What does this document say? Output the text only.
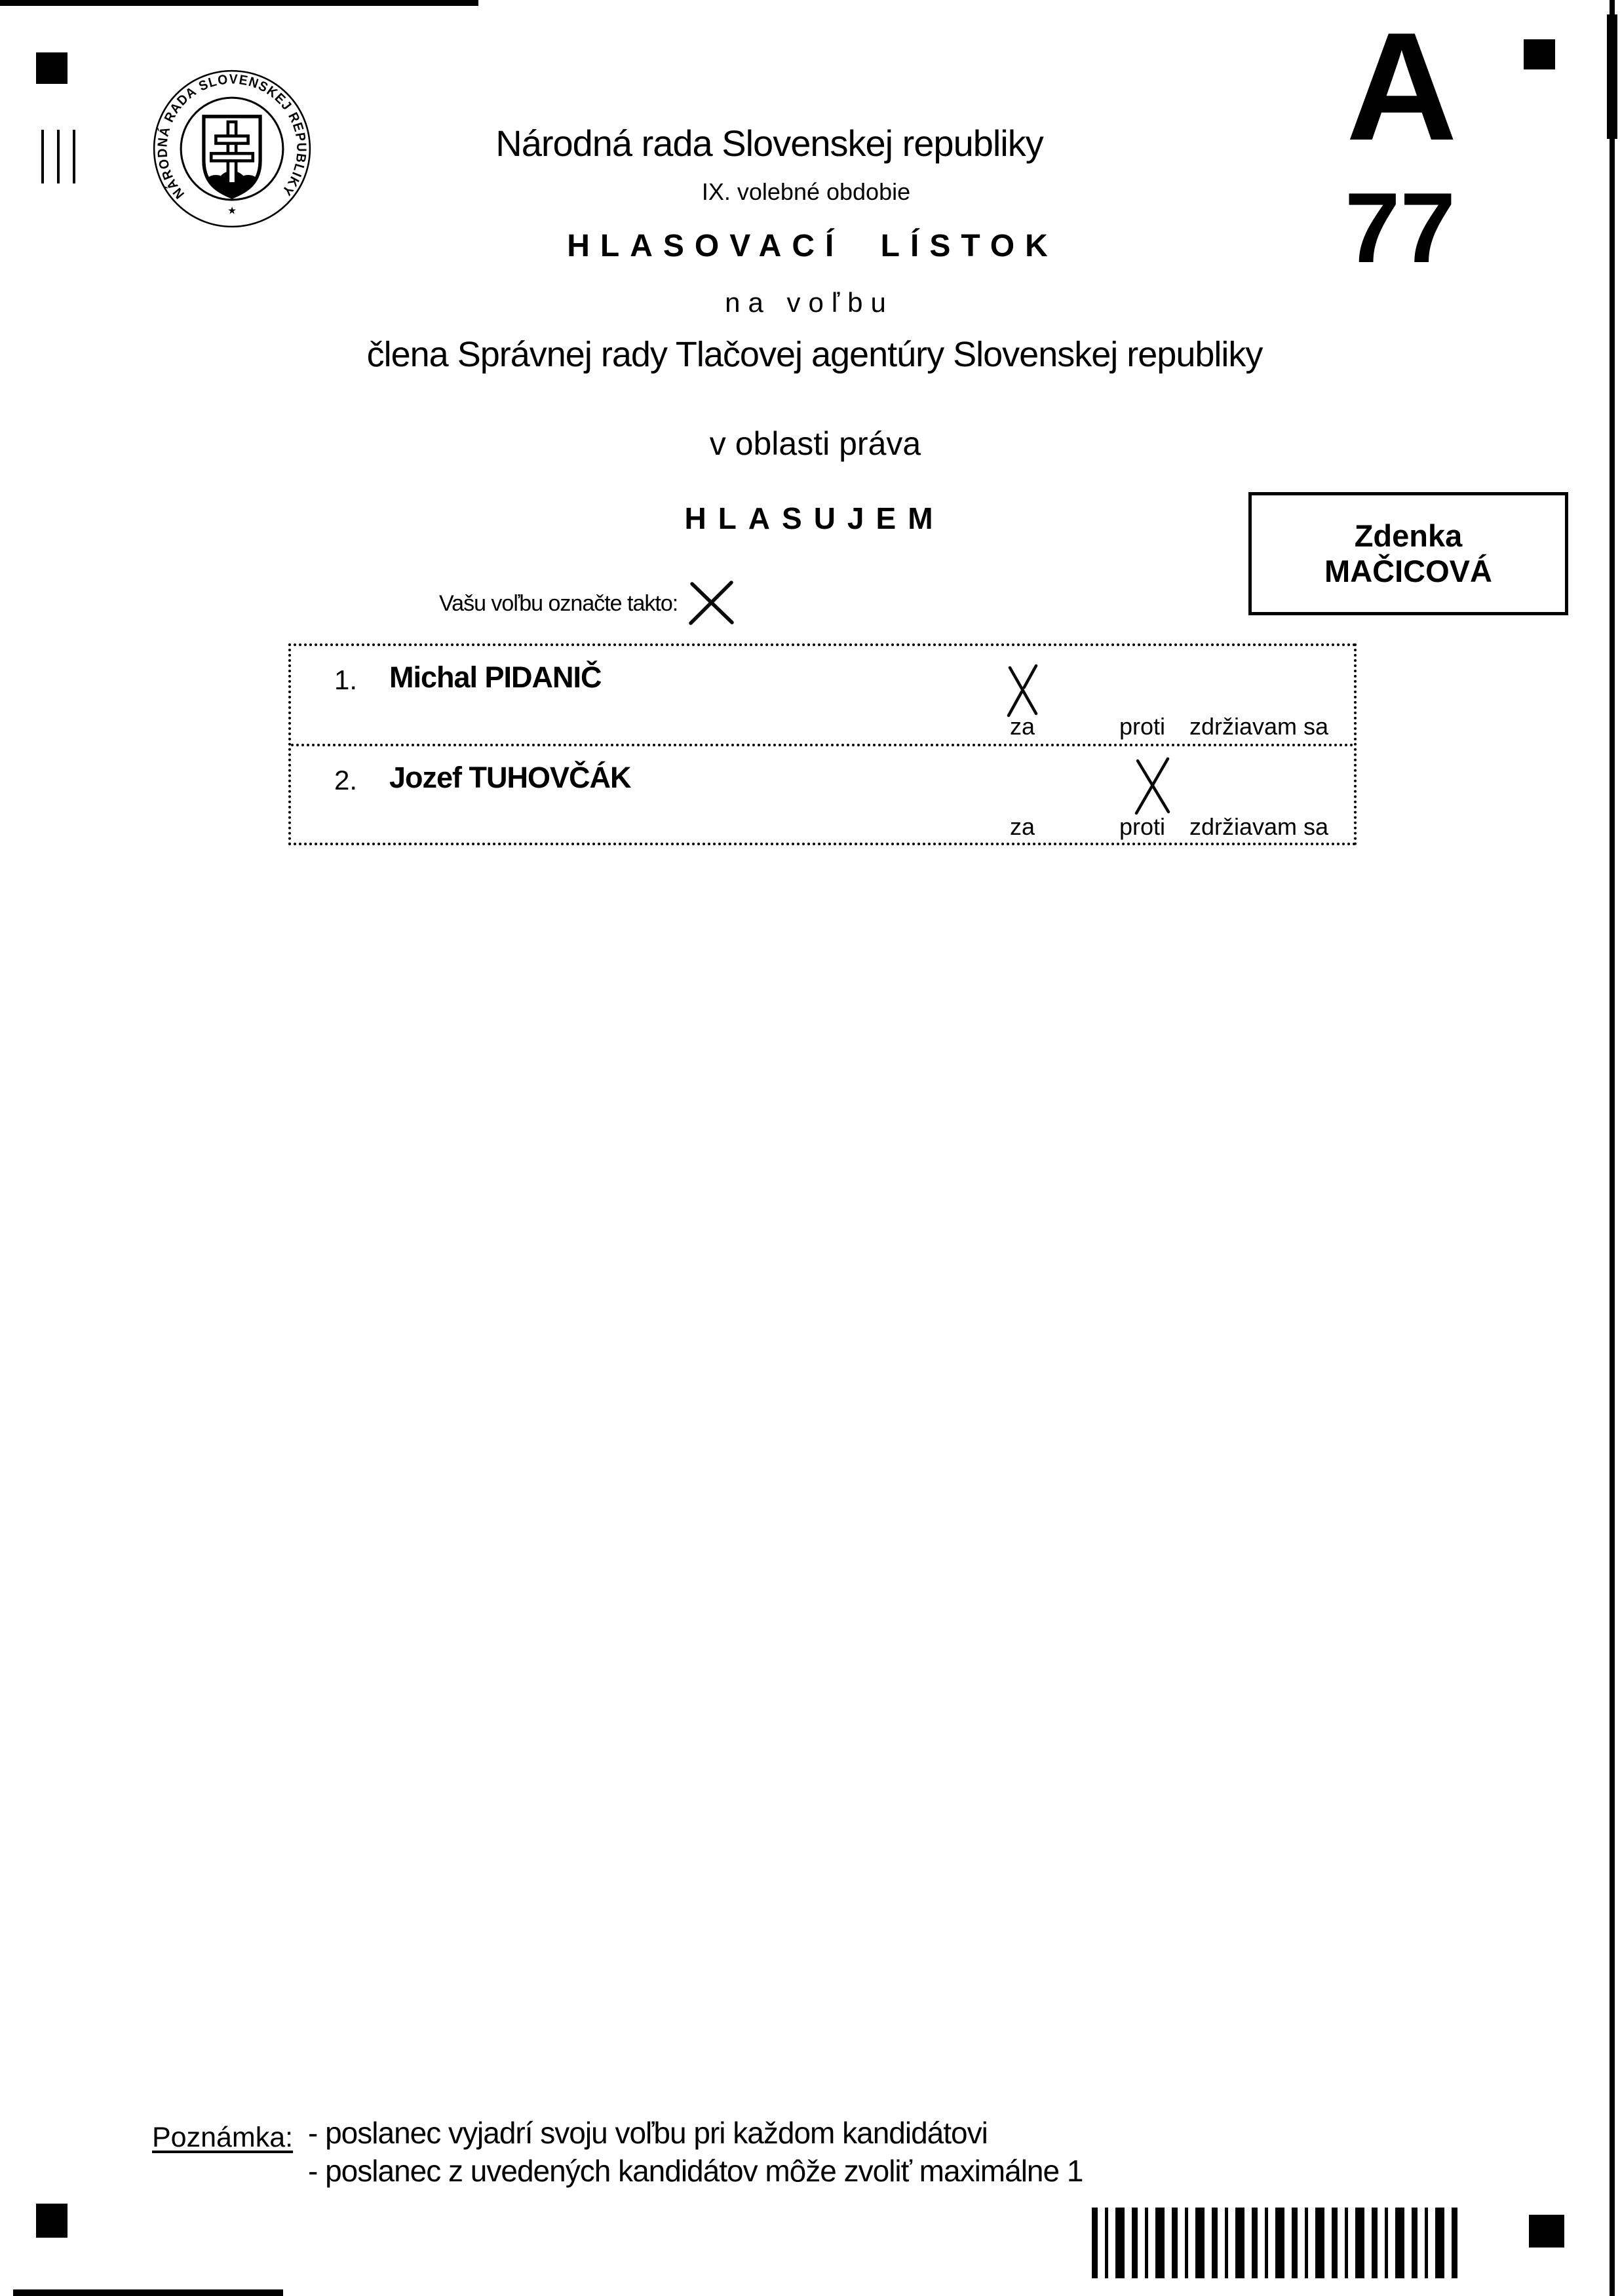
NÁRODNÁ RADA SLOVENSKEJ REPUBLIKY
★
A
77
Národná rada Slovenskej republiky
IX. volebné obdobie
HLASOVACÍ LÍSTOK
na voľbu
člena Správnej rady Tlačovej agentúry Slovenskej republiky
v oblasti práva
HLASUJEM
Vašu voľbu označte takto:
Zdenka
MAČICOVÁ
1. Michal PIDANIČ
za	proti zdržiavam sa
2. Jozef TUHOVČÁK
za	proti zdržiavam sa
Poznámka: - poslanec vyjadrí svoju voľbu pri každom kandidátovi
- poslanec z uvedených kandidátov môže zvoliť maximálne 1
